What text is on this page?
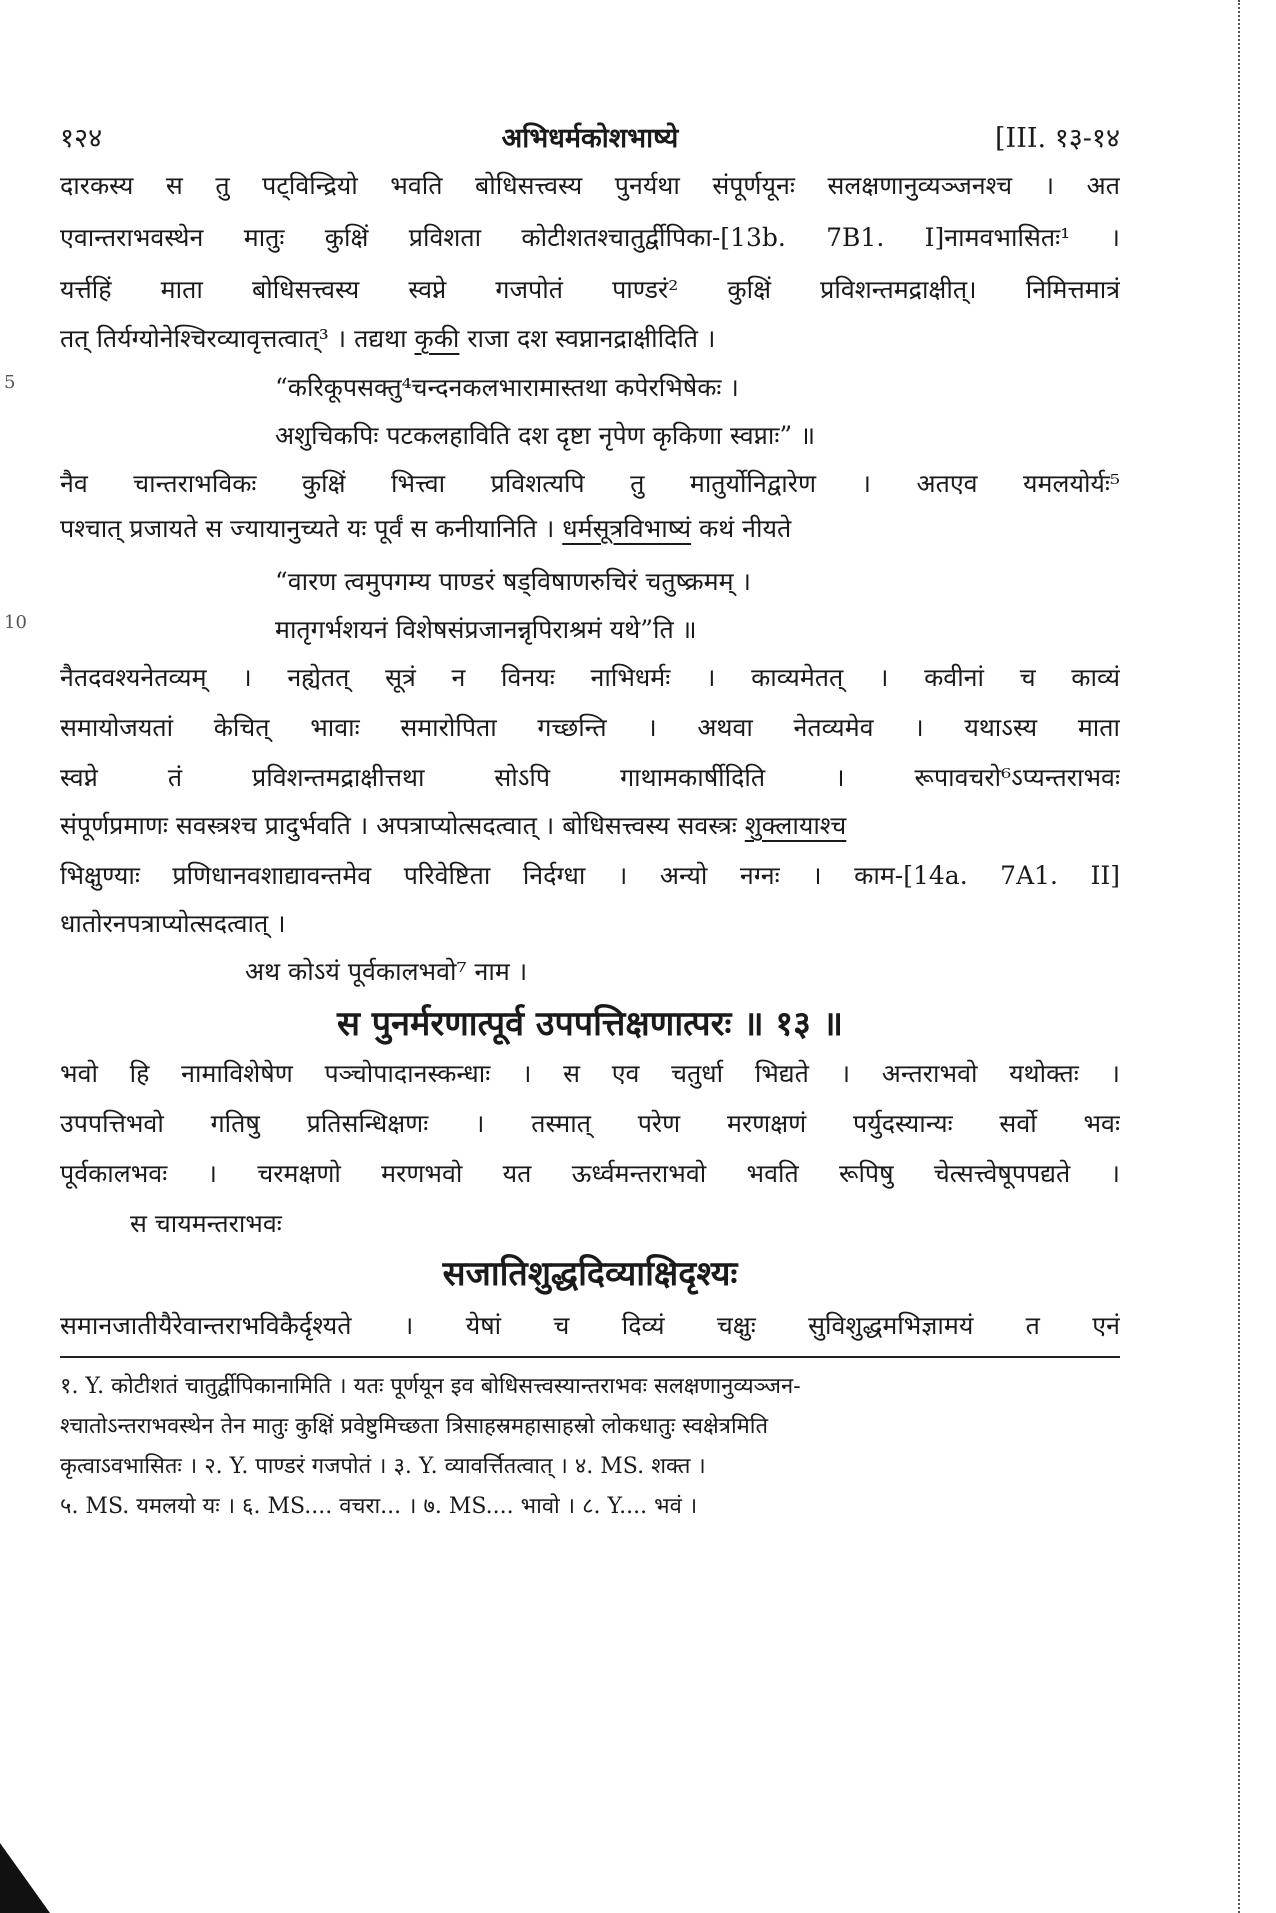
१२४	अभिधर्मकोशभाष्ये	[III. १३-१४
5
10
दारकस्य स तु पट्विन्द्रियो भवति बोधिसत्त्वस्य पुनर्यथा संपूर्णयूनः सलक्षणानुव्यञ्जनश्च । अत
एवान्तराभवस्थेन मातुः कुक्षिं प्रविशता कोटीशतश्चातुर्द्वीपिका-[13b. 7B1. I]नामवभासितः¹ ।
यर्त्तहिं माता बोधिसत्त्वस्य स्वप्ने गजपोतं पाण्डरं² कुक्षिं प्रविशन्तमद्राक्षीत्। निमित्तमात्रं
तत् तिर्यग्योनेश्चिरव्यावृत्तत्वात्³ । तद्यथा कृकी राजा दश स्वप्नानद्राक्षीदिति ।
“करिकूपसक्तु⁴चन्दनकलभारामास्तथा कपेरभिषेकः ।
अशुचिकपिः पटकलहाविति दश दृष्टा नृपेण कृकिणा स्वप्नाः” ॥
नैव चान्तराभविकः कुक्षिं भित्त्वा प्रविशत्यपि तु मातुर्योनिद्वारेण । अतएव यमलयोर्यः⁵
पश्चात् प्रजायते स ज्यायानुच्यते यः पूर्वं स कनीयानिति । धर्मसूत्रविभाष्यं कथं नीयते
“वारण त्वमुपगम्य पाण्डरं षड्विषाणरुचिरं चतुष्क्रमम् ।
मातृगर्भशयनं विशेषसंप्रजानन्नृपिराश्रमं यथे”ति ॥
नैतदवश्यनेतव्यम् । नह्येतत् सूत्रं न विनयः नाभिधर्मः । काव्यमेतत् । कवीनां च काव्यं
समायोजयतां केचित् भावाः समारोपिता गच्छन्ति । अथवा नेतव्यमेव । यथाऽस्य माता
स्वप्ने तं प्रविशन्तमद्राक्षीत्तथा सोऽपि गाथामकार्षीदिति । रूपावचरो⁶ऽप्यन्तराभवः
संपूर्णप्रमाणः सवस्त्रश्च प्रादुर्भवति । अपत्राप्योत्सदत्वात् । बोधिसत्त्वस्य सवस्त्रः शुक्लायाश्च
भिक्षुण्याः प्रणिधानवशाद्यावन्तमेव परिवेष्टिता निर्दग्धा । अन्यो नग्नः । काम-[14a. 7A1. II]
धातोरनपत्राप्योत्सदत्वात् ।
अथ कोऽयं पूर्वकालभवो⁷ नाम ।
स पुनर्मरणात्पूर्व उपपत्तिक्षणात्परः ॥ १३ ॥
भवो हि नामाविशेषेण पञ्चोपादानस्कन्धाः । स एव चतुर्धा भिद्यते । अन्तराभवो यथोक्तः ।
उपपत्तिभवो गतिषु प्रतिसन्धिक्षणः । तस्मात् परेण मरणक्षणं पर्युदस्यान्यः सर्वो भवः
पूर्वकालभवः । चरमक्षणो मरणभवो यत ऊर्ध्वमन्तराभवो भवति रूपिषु चेत्सत्त्वेषूपपद्यते ।
स चायमन्तराभवः
सजातिशुद्धदिव्याक्षिदृश्यः
समानजातीयैरेवान्तराभविकैर्दृश्यते । येषां च दिव्यं चक्षुः सुविशुद्धमभिज्ञामयं त एनं
१. Y. कोटीशतं चातुर्द्वीपिकानामिति । यतः पूर्णयून इव बोधिसत्त्वस्यान्तराभवः सलक्षणानुव्यञ्जन-
श्चातोऽन्तराभवस्थेन तेन मातुः कुक्षिं प्रवेष्टुमिच्छता त्रिसाहस्रमहासाहस्रो लोकधातुः स्वक्षेत्रमिति
कृत्वाऽवभासितः । २. Y. पाण्डरं गजपोतं । ३. Y. व्यावर्त्तितत्वात् । ४. MS. शक्त ।
५. MS. यमलयो यः । ६. MS.... वचरा... । ७. MS.... भावो । ८. Y.... भवं ।
